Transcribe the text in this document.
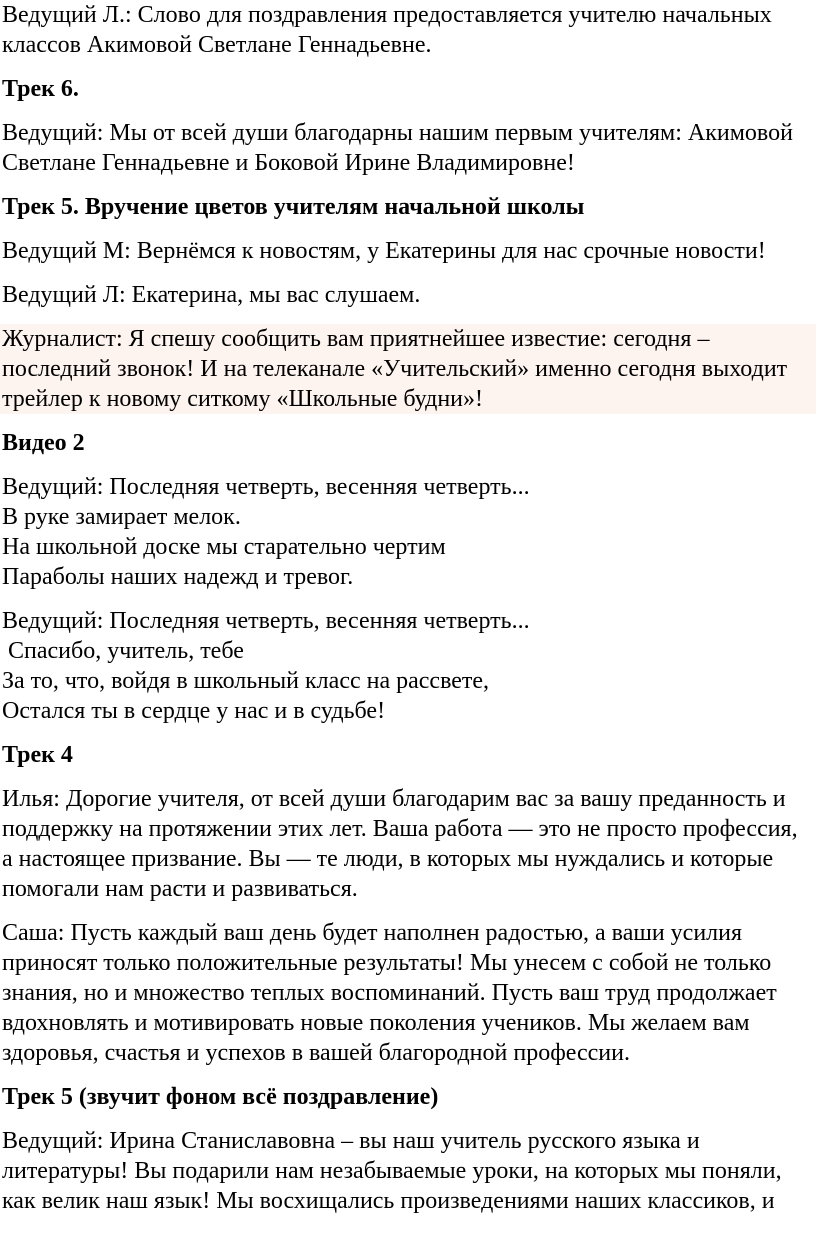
Ведущий Л.: Слово для поздравления предоставляется учителю начальных
классов Акимовой Светлане Геннадьевне.
Трек 6.
Ведущий: Мы от всей души благодарны нашим первым учителям: Акимовой
Светлане Геннадьевне и Боковой Ирине Владимировне!
Трек 5. Вручение цветов учителям начальной школы
Ведущий М: Вернёмся к новостям, у Екатерины для нас срочные новости!
Ведущий Л: Екатерина, мы вас слушаем.
Журналист: Я спешу сообщить вам приятнейшее известие: сегодня –
последний звонок! И на телеканале «Учительский» именно сегодня выходит
трейлер к новому ситкому «Школьные будни»!
Видео 2
Ведущий: Последняя четверть, весенняя четверть...
В руке замирает мелок.
На школьной доске мы старательно чертим
Параболы наших надежд и тревог.
Ведущий: Последняя четверть, весенняя четверть...
Спасибо, учитель, тебе
За то, что, войдя в школьный класс на рассвете,
Остался ты в сердце у нас и в судьбе!
Трек 4
Илья: Дорогие учителя, от всей души благодарим вас за вашу преданность и
поддержку на протяжении этих лет. Ваша работа — это не просто профессия,
а настоящее призвание. Вы — те люди, в которых мы нуждались и которые
помогали нам расти и развиваться.
Саша: Пусть каждый ваш день будет наполнен радостью, а ваши усилия
приносят только положительные результаты! Мы унесем с собой не только
знания, но и множество теплых воспоминаний. Пусть ваш труд продолжает
вдохновлять и мотивировать новые поколения учеников. Мы желаем вам
здоровья, счастья и успехов в вашей благородной профессии.
Трек 5 (звучит фоном всё поздравление)
Ведущий: Ирина Станиславовна – вы наш учитель русского языка и
литературы! Вы подарили нам незабываемые уроки, на которых мы поняли,
как велик наш язык! Мы восхищались произведениями наших классиков, и
